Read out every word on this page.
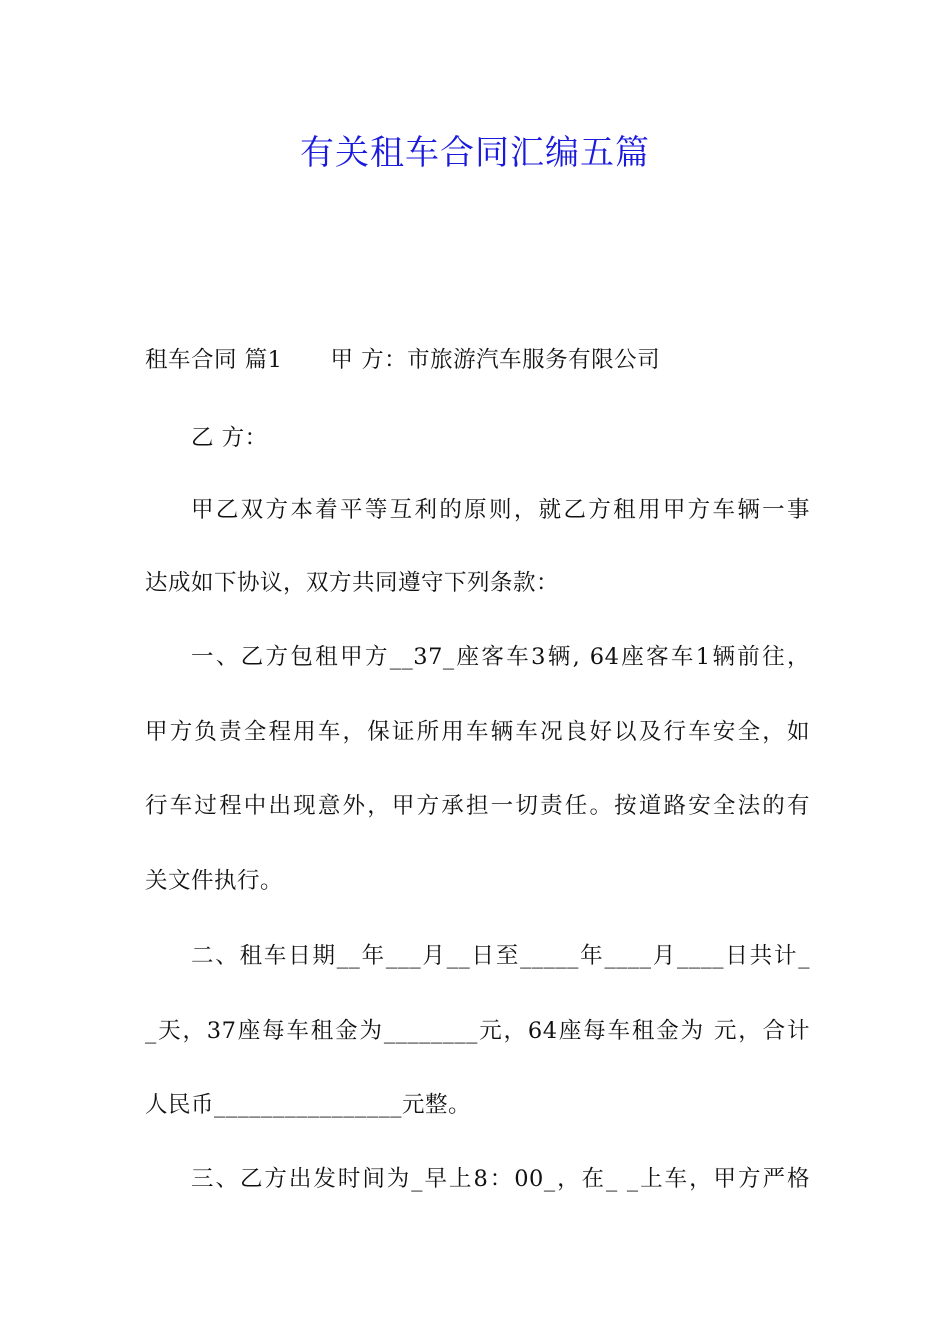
有关租车合同汇编五篇
租车合同 篇1 甲 方：市旅游汽车服务有限公司
乙 方：
甲乙双方本着平等互利的原则，就乙方租用甲方车辆一事
达成如下协议，双方共同遵守下列条款：
一、乙方包租甲方__37_座客车3辆, 64座客车1辆前往，
甲方负责全程用车，保证所用车辆车况良好以及行车安全，如
行车过程中出现意外，甲方承担一切责任。按道路安全法的有
关文件执行。
二、租车日期__年___月__日至_____年____月____日共计_
_天，37座每车租金为________元，64座每车租金为 元，合计
人民币________________元整。
三、乙方出发时间为_早上8：00_，在_ _上车，甲方严格
